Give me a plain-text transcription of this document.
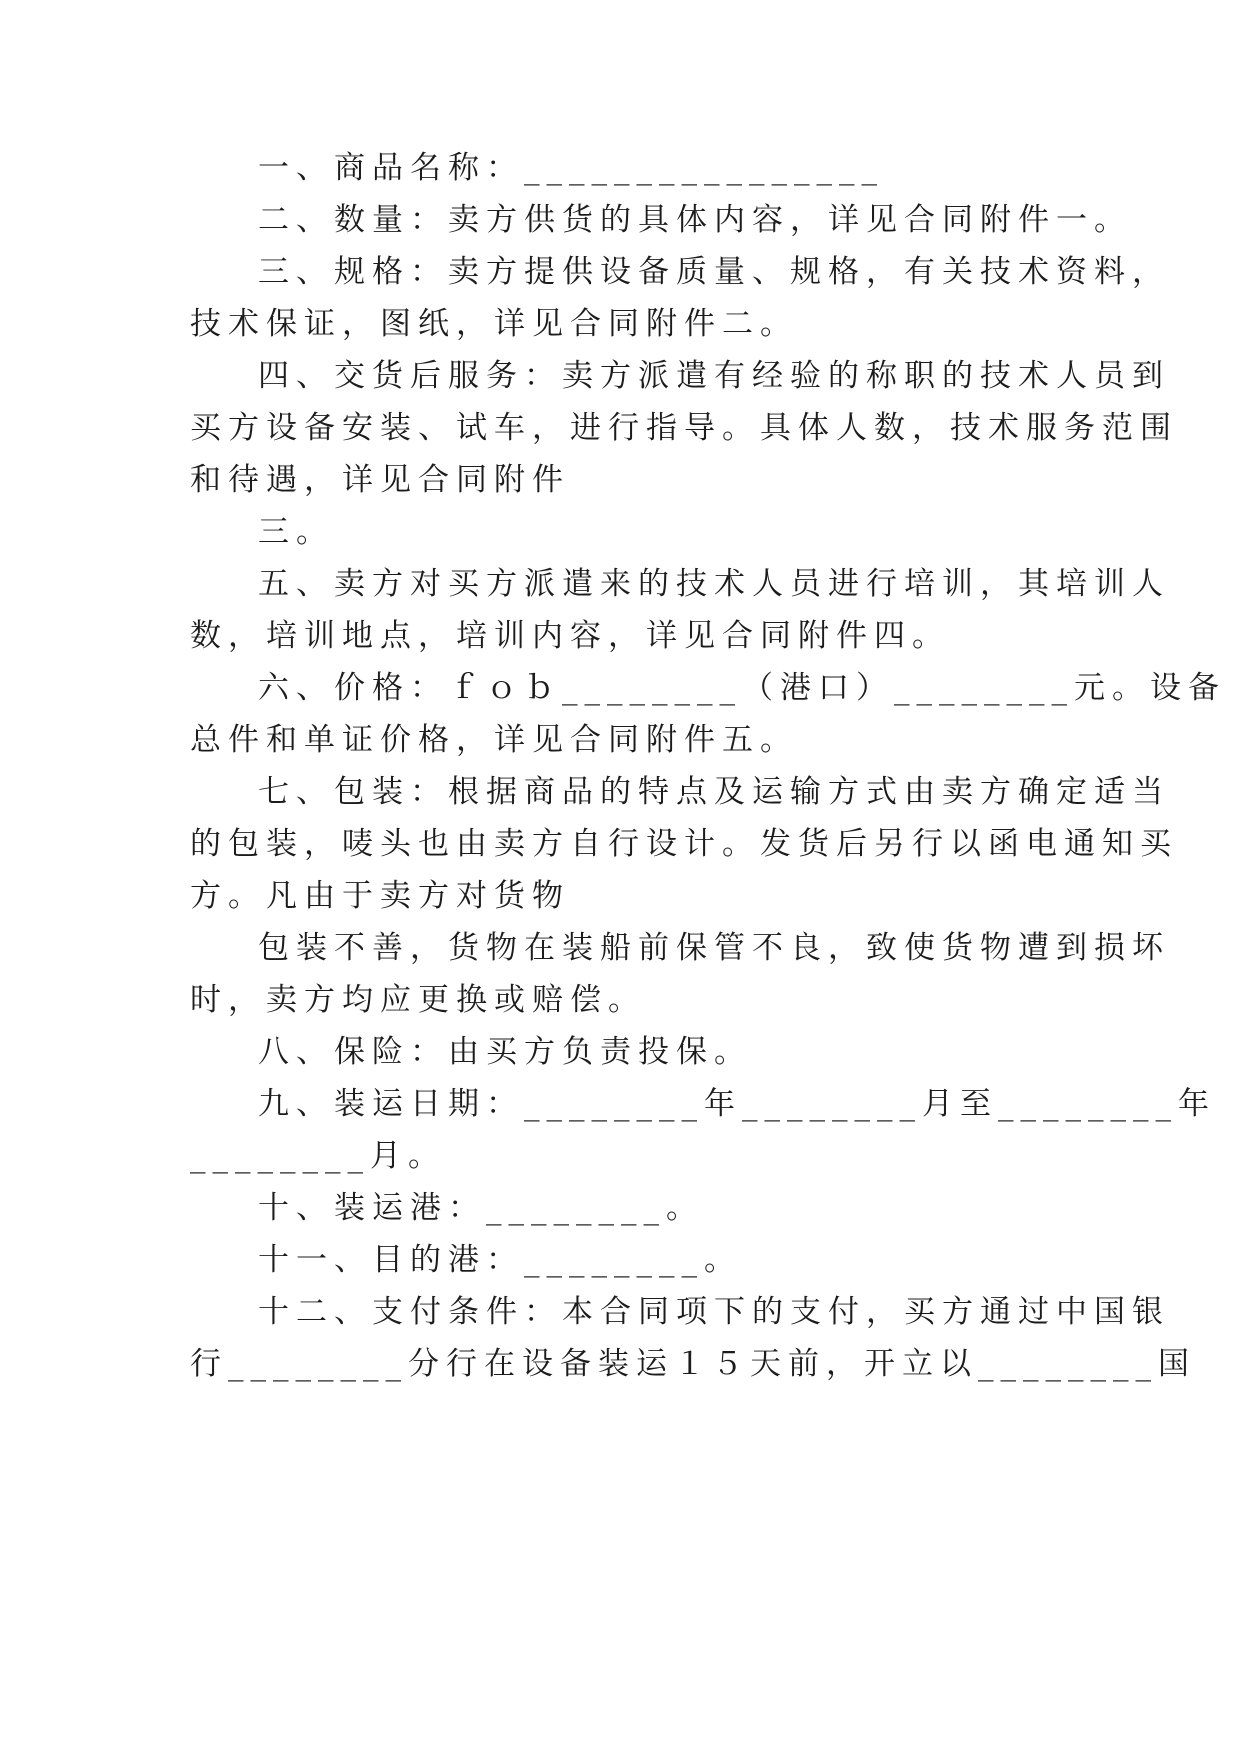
一、商品名称：________________
二、数量：卖方供货的具体内容，详见合同附件一。
三、规格：卖方提供设备质量、规格，有关技术资料，
技术保证，图纸，详见合同附件二。
四、交货后服务：卖方派遣有经验的称职的技术人员到
买方设备安装、试车，进行指导。具体人数，技术服务范围
和待遇，详见合同附件
三。
五、卖方对买方派遣来的技术人员进行培训，其培训人
数，培训地点，培训内容，详见合同附件四。
六、价格：ｆｏｂ________（港口）________元。设备
总件和单证价格，详见合同附件五。
七、包装：根据商品的特点及运输方式由卖方确定适当
的包装，唛头也由卖方自行设计。发货后另行以函电通知买
方。凡由于卖方对货物
包装不善，货物在装船前保管不良，致使货物遭到损坏
时，卖方均应更换或赔偿。
八、保险：由买方负责投保。
九、装运日期：________年________月至________年
________月。
十、装运港：________。
十一、目的港：________。
十二、支付条件：本合同项下的支付，买方通过中国银
行________分行在设备装运１５天前，开立以________国
